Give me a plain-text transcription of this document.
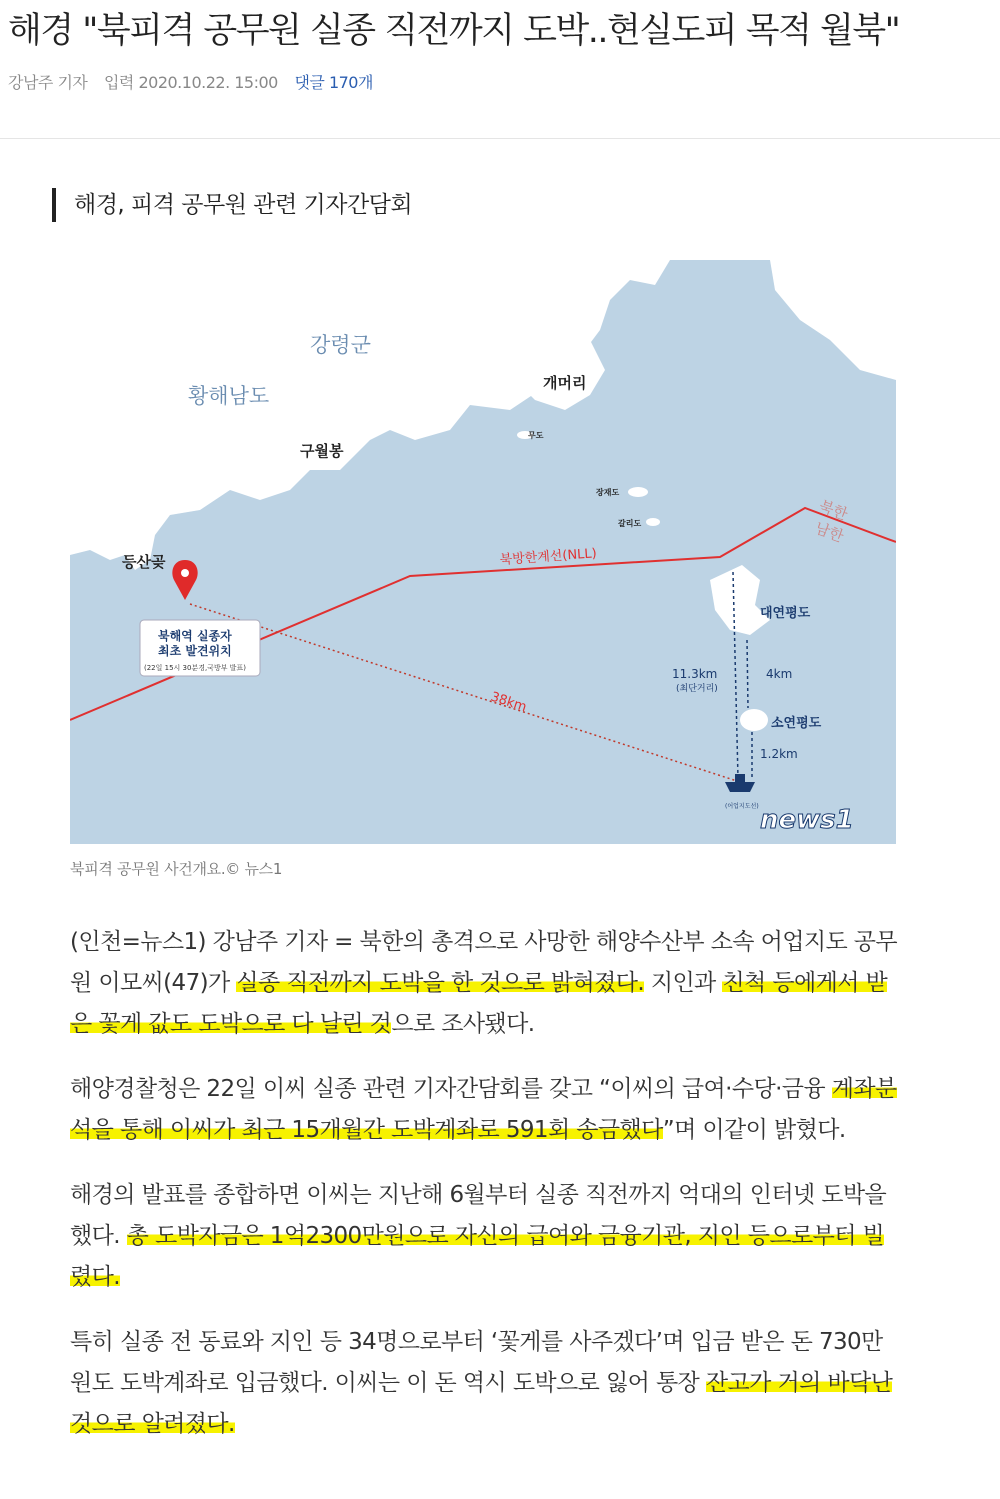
해경 "북피격 공무원 실종 직전까지 도박..현실도피 목적 월북"
강남주 기자 입력 2020.10.22. 15:00 댓글 170개
해경, 피격 공무원 관련 기자간담회
강령군
황해남도
개머리
구월봉
무도
장재도
갈리도
등산곶	북방한계선(NLL)
북한
남한
대연평도
소연평도
38km
11.3km
(최단거리)
4km
1.2km
(어업지도선)
북해역 실종자
최초 발견위치
(22일 15시 30분경,국방부 발표)
news1
북피격 공무원 사건개요.© 뉴스1

(인천=뉴스1) 강남주 기자 = 북한의 총격으로 사망한 해양수산부 소속 어업지도 공무원 이모씨(47)가 실종 직전까지 도박을 한 것으로 밝혀졌다. 지인과 친척 등에게서 받은 꽃게 값도 도박으로 다 날린 것으로 조사됐다.

해양경찰청은 22일 이씨 실종 관련 기자간담회를 갖고 “이씨의 급여·수당·금융 계좌분석을 통해 이씨가 최근 15개월간 도박계좌로 591회 송금했다”며 이같이 밝혔다.

해경의 발표를 종합하면 이씨는 지난해 6월부터 실종 직전까지 억대의 인터넷 도박을 했다. 총 도박자금은 1억2300만원으로 자신의 급여와 금융기관, 지인 등으로부터 빌렸다.

특히 실종 전 동료와 지인 등 34명으로부터 ‘꽃게를 사주겠다’며 입금 받은 돈 730만원도 도박계좌로 입금했다. 이씨는 이 돈 역시 도박으로 잃어 통장 잔고가 거의 바닥난 것으로 알려졌다.
